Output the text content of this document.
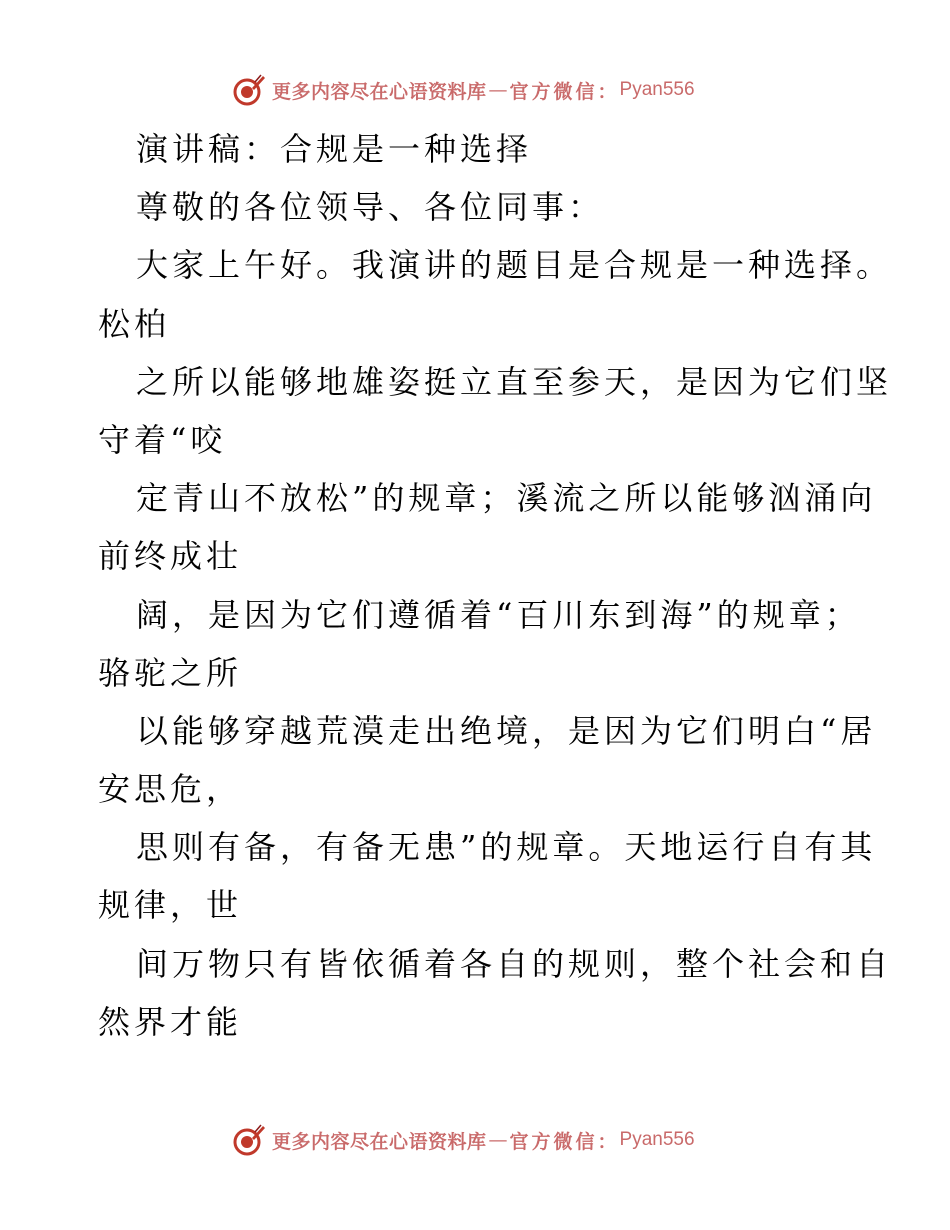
更多内容尽在心语资料库 — 官方微信： Pyan556
演讲稿：合规是一种选择
尊敬的各位领导、各位同事：
大家上午好。我演讲的题目是合规是一种选择。
松柏
之所以能够地雄姿挺立直至参天，是因为它们坚
守着“咬
定青山不放松”的规章；溪流之所以能够汹涌向
前终成壮
阔，是因为它们遵循着“百川东到海”的规章；
骆驼之所
以能够穿越荒漠走出绝境，是因为它们明白“居
安思危，
思则有备，有备无患”的规章。天地运行自有其
规律，世
间万物只有皆依循着各自的规则，整个社会和自
然界才能
更多内容尽在心语资料库 — 官方微信： Pyan556
